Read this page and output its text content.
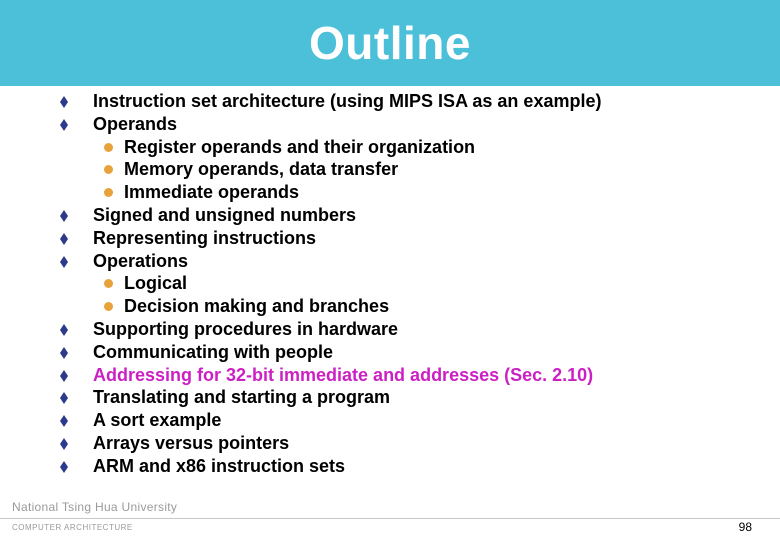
Outline
Instruction set architecture (using MIPS ISA as an example)
Operands
Register operands and their organization
Memory operands, data transfer
Immediate operands
Signed and unsigned numbers
Representing instructions
Operations
Logical
Decision making and branches
Supporting procedures in hardware
Communicating with people
Addressing for 32-bit immediate and addresses (Sec. 2.10)
Translating and starting a program
A sort example
Arrays versus pointers
ARM and x86 instruction sets
National Tsing Hua University
COMPUTER ARCHITECTURE	98
